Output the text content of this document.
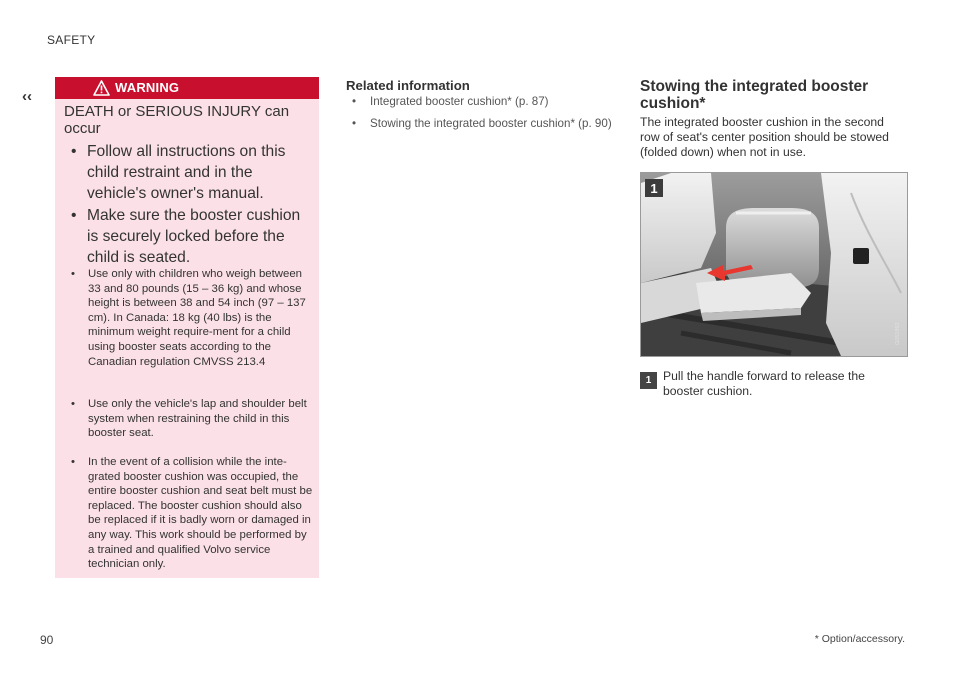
SAFETY
‹‹
WARNING
DEATH or SERIOUS INJURY can occur
• Follow all instructions on this child restraint and in the vehicle's owner's manual.
• Make sure the booster cushion is securely locked before the child is seated.
• Use only with children who weigh between 33 and 80 pounds (15 – 36 kg) and whose height is between 38 and 54 inch (97 – 137 cm). In Canada: 18 kg (40 lbs) is the minimum weight require-ment for a child using booster seats according to the Canadian regulation CMVSS 213.4
• Use only the vehicle's lap and shoulder belt system when restraining the child in this booster seat.
• In the event of a collision while the inte-grated booster cushion was occupied, the entire booster cushion and seat belt must be replaced. The booster cushion should also be replaced if it is badly worn or damaged in any way. This work should be performed by a trained and qualified Volvo service technician only.
Related information
• Integrated booster cushion* (p. 87)
• Stowing the integrated booster cushion* (p. 90)
Stowing the integrated booster cushion*
The integrated booster cushion in the second row of seat's center position should be stowed (folded down) when not in use.
1
G051992
1 Pull the handle forward to release the booster cushion.
90	* Option/accessory.
